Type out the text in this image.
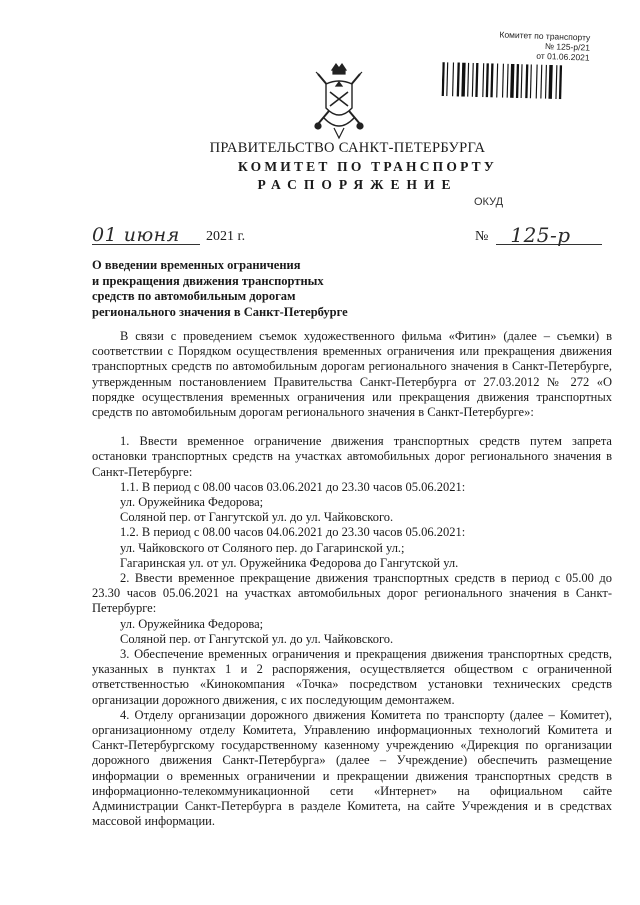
Комитет по транспорту
№ 125-р/21
от 01.06.2021
ПРАВИТЕЛЬСТВО САНКТ-ПЕТЕРБУРГА
КОМИТЕТ ПО ТРАНСПОРТУ
РАСПОРЯЖЕНИЕ
ОКУД
01 июня 2021 г.	№ 125-р
О введении временных ограничения
и прекращения движения транспортных
средств по автомобильным дорогам
регионального значения в Санкт-Петербурге

В связи с проведением съемок художественного фильма «Фитин» (далее – съемки) в соответствии с Порядком осуществления временных ограничения или прекращения движения транспортных средств по автомобильным дорогам регионального значения в Санкт-Петербурге, утвержденным постановлением Правительства Санкт-Петербурга от 27.03.2012 № 272 «О порядке осуществления временных ограничения или прекращения движения транспортных средств по автомобильным дорогам регионального значения в Санкт-Петербурге»:

1. Ввести временное ограничение движения транспортных средств путем запрета остановки транспортных средств на участках автомобильных дорог регионального значения в Санкт-Петербурге:

1.1. В период с 08.00 часов 03.06.2021 до 23.30 часов 05.06.2021:

ул. Оружейника Федорова;

Соляной пер. от Гангутской ул. до ул. Чайковского.

1.2. В период с 08.00 часов 04.06.2021 до 23.30 часов 05.06.2021:

ул. Чайковского от Соляного пер. до Гагаринской ул.;

Гагаринская ул. от ул. Оружейника Федорова до Гангутской ул.

2. Ввести временное прекращение движения транспортных средств в период с 05.00 до 23.30 часов 05.06.2021 на участках автомобильных дорог регионального значения в Санкт-Петербурге:

ул. Оружейника Федорова;

Соляной пер. от Гангутской ул. до ул. Чайковского.

3. Обеспечение временных ограничения и прекращения движения транспортных средств, указанных в пунктах 1 и 2 распоряжения, осуществляется обществом с ограниченной ответственностью «Кинокомпания «Точка» посредством установки технических средств организации дорожного движения, с их последующим демонтажем.

4. Отделу организации дорожного движения Комитета по транспорту (далее – Комитет), организационному отделу Комитета, Управлению информационных технологий Комитета и Санкт-Петербургскому государственному казенному учреждению «Дирекция по организации дорожного движения Санкт-Петербурга» (далее – Учреждение) обеспечить размещение информации о временных ограничении и прекращении движения транспортных средств в информационно-телекоммуникационной сети «Интернет» на официальном сайте Администрации Санкт-Петербурга в разделе Комитета, на сайте Учреждения и в средствах массовой информации.
